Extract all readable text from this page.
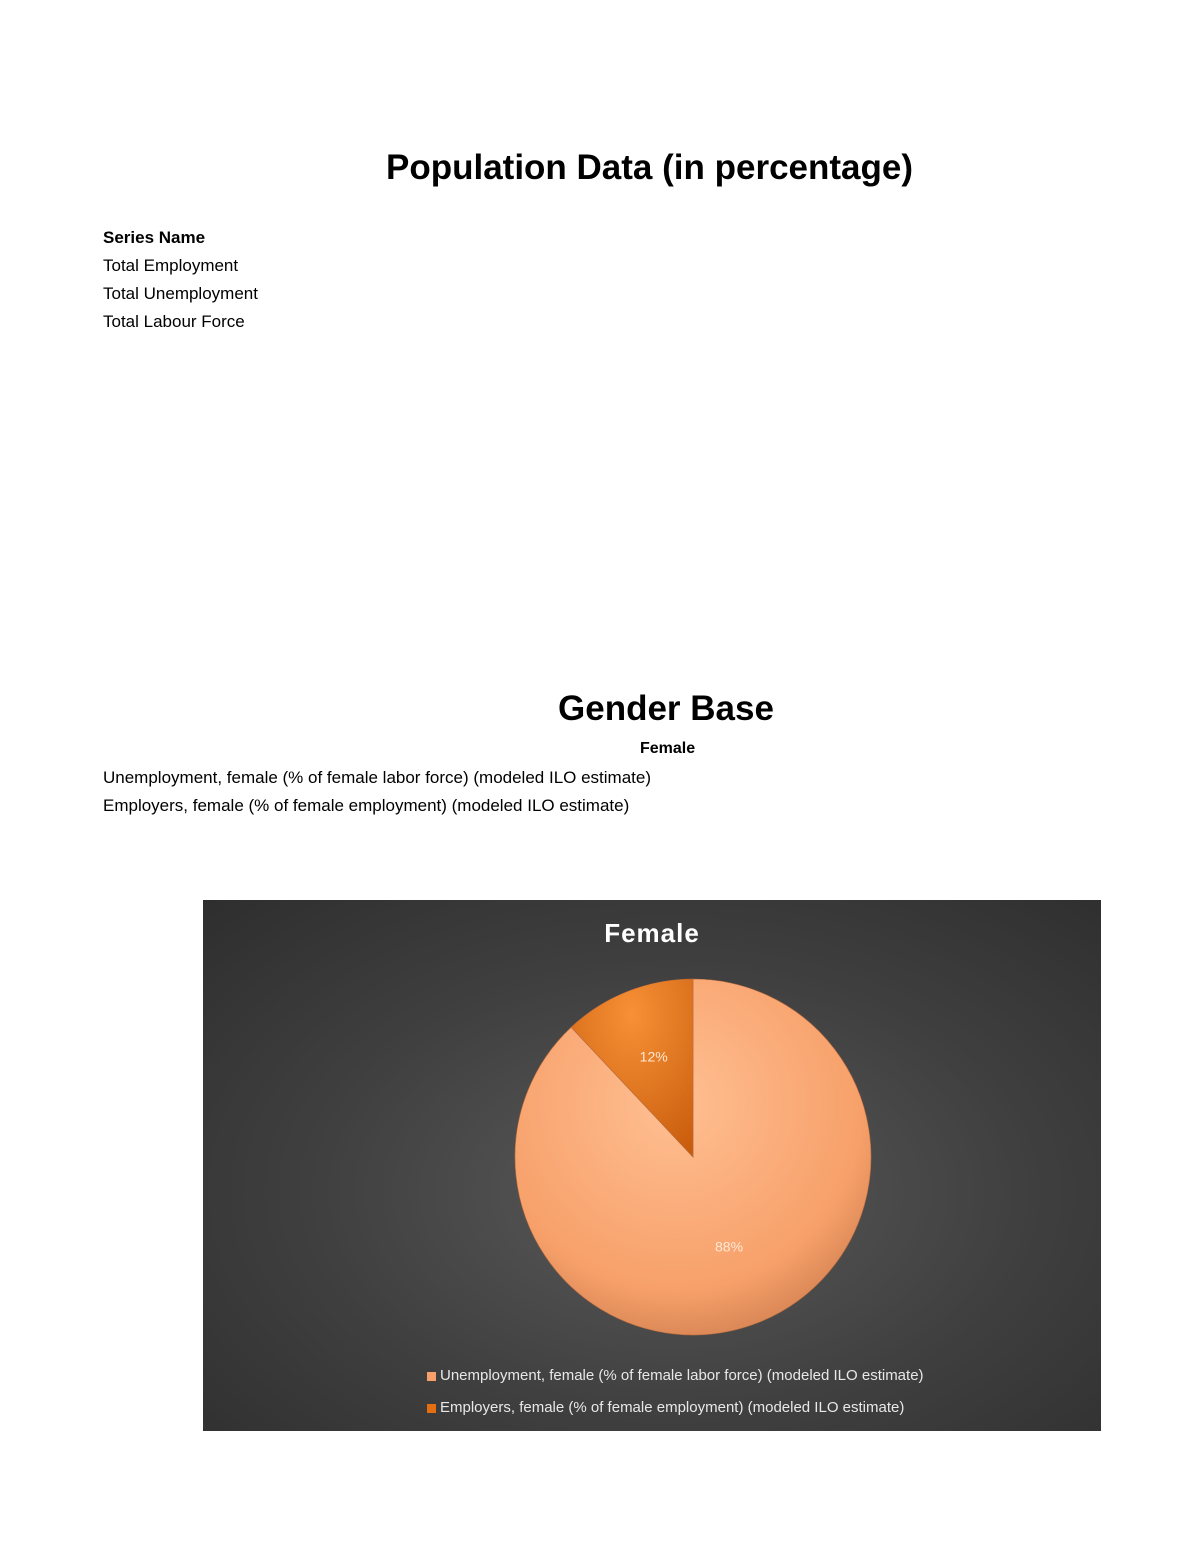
Population Data (in percentage)
Series Name
Total Employment
Total Unemployment
Total Labour Force
Gender Base
Female
Unemployment, female (% of female labor force) (modeled ILO estimate)
Employers, female (% of female employment) (modeled ILO estimate)
Female
88%
12%
Unemployment, female (% of female labor force) (modeled ILO estimate)
Employers, female (% of female employment) (modeled ILO estimate)
